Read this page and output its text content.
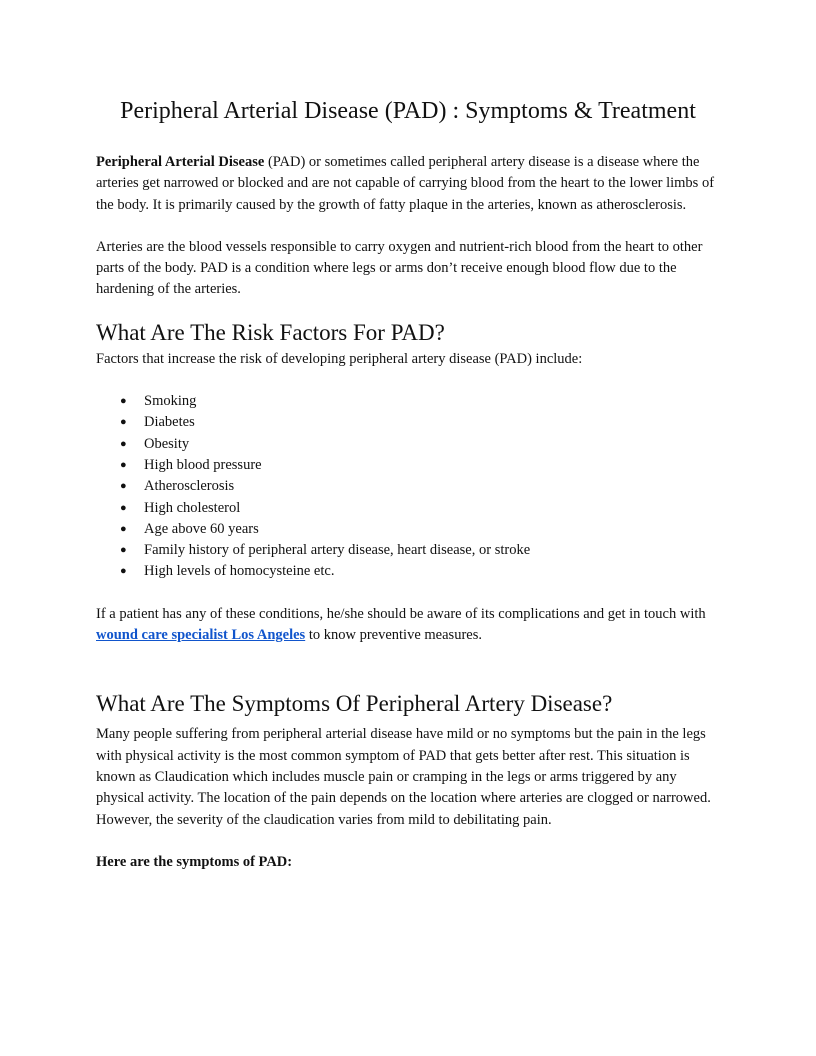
Peripheral Arterial Disease (PAD) : Symptoms & Treatment

Peripheral Arterial Disease (PAD) or sometimes called peripheral artery disease is a disease where the arteries get narrowed or blocked and are not capable of carrying blood from the heart to the lower limbs of the body. It is primarily caused by the growth of fatty plaque in the arteries, known as atherosclerosis.

Arteries are the blood vessels responsible to carry oxygen and nutrient-rich blood from the heart to other parts of the body. PAD is a condition where legs or arms don’t receive enough blood flow due to the hardening of the arteries.

What Are The Risk Factors For PAD?

Factors that increase the risk of developing peripheral artery disease (PAD) include:

● Smoking
● Diabetes
● Obesity
● High blood pressure
● Atherosclerosis
● High cholesterol
● Age above 60 years
● Family history of peripheral artery disease, heart disease, or stroke
● High levels of homocysteine etc.

If a patient has any of these conditions, he/she should be aware of its complications and get in touch with wound care specialist Los Angeles to know preventive measures.

What Are The Symptoms Of Peripheral Artery Disease?

Many people suffering from peripheral arterial disease have mild or no symptoms but the pain in the legs with physical activity is the most common symptom of PAD that gets better after rest. This situation is known as Claudication which includes muscle pain or cramping in the legs or arms triggered by any physical activity. The location of the pain depends on the location where arteries are clogged or narrowed. However, the severity of the claudication varies from mild to debilitating pain.

Here are the symptoms of PAD:
